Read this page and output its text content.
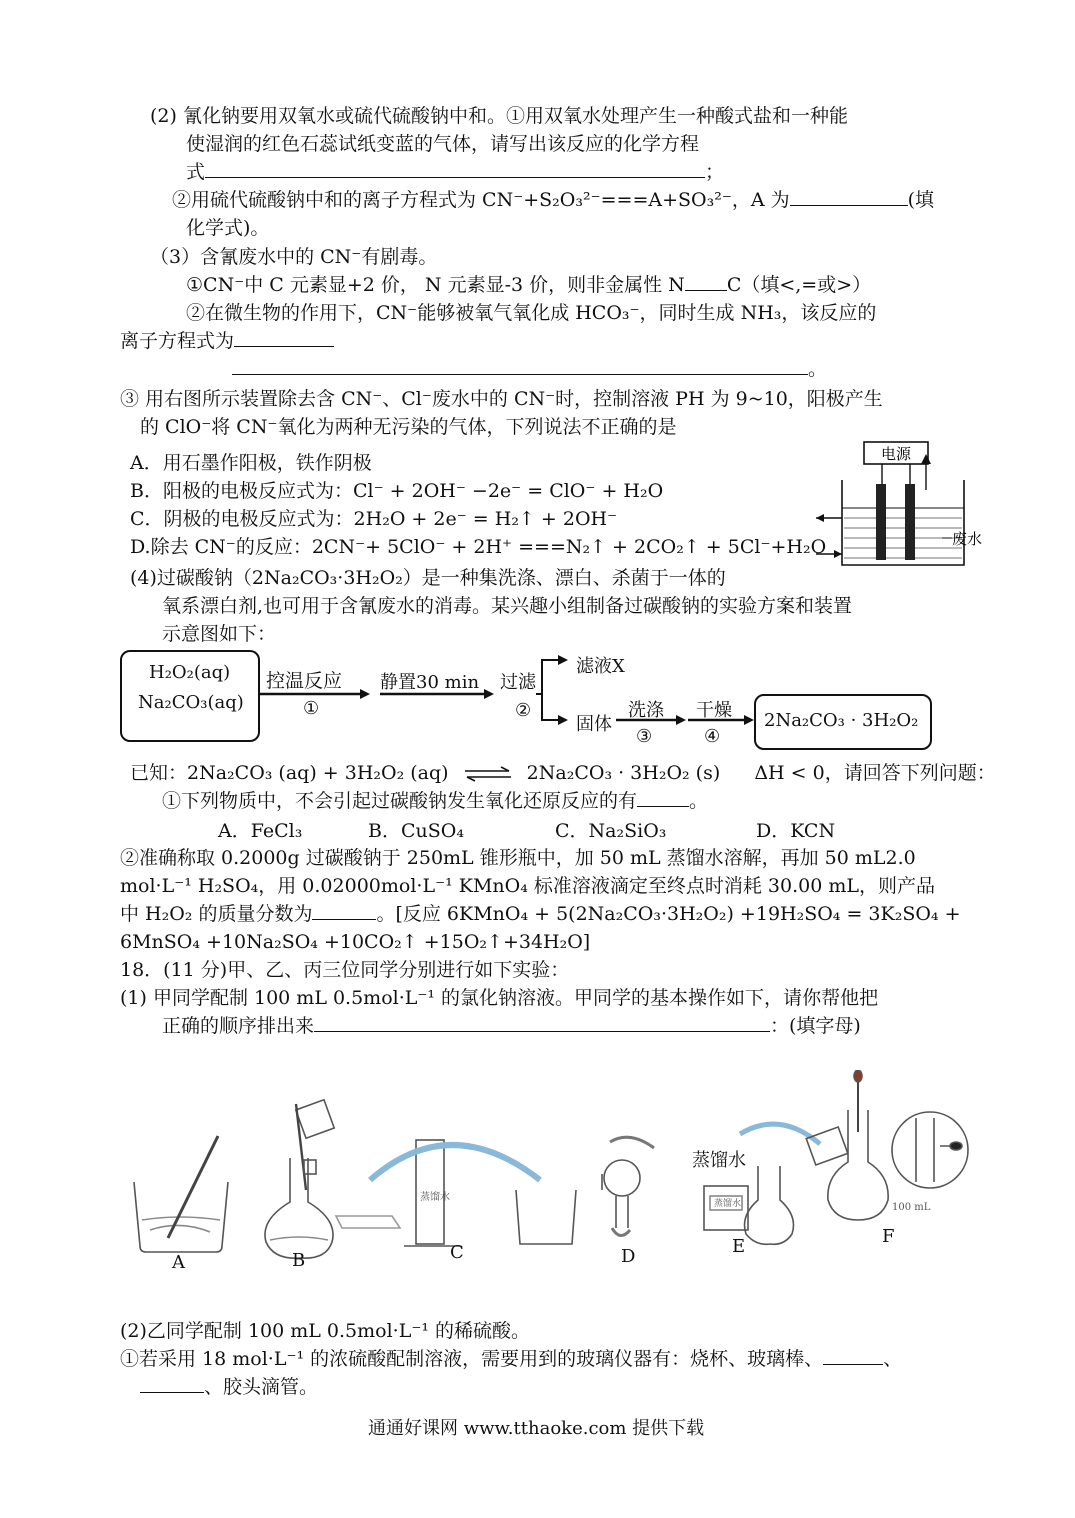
(2) 氰化钠要用双氧水或硫代硫酸钠中和。①用双氧水处理产生一种酸式盐和一种能
使湿润的红色石蕊试纸变蓝的气体，请写出该反应的化学方程
式	；
②用硫代硫酸钠中和的离子方程式为 CN⁻+S₂O₃²⁻===A+SO₃²⁻，A 为	(填
化学式)。
（3）含氰废水中的 CN⁻有剧毒。
①CN⁻中 C 元素显+2 价， N 元素显-3 价，则非金属性 N C（填<,=或>）
②在微生物的作用下，CN⁻能够被氧气氧化成 HCO₃⁻，同时生成 NH₃，该反应的
离子方程式为
。
③ 用右图所示装置除去含 CN⁻、Cl⁻废水中的 CN⁻时，控制溶液 PH 为 9~10，阳极产生
的 ClO⁻将 CN⁻氧化为两种无污染的气体，下列说法不正确的是
A．用石墨作阳极，铁作阴极
B．阳极的电极反应式为：Cl⁻ + 2OH⁻ −2e⁻ = ClO⁻ + H₂O
C．阴极的电极反应式为：2H₂O + 2e⁻ = H₂↑ + 2OH⁻
D.除去 CN⁻的反应：2CN⁻+ 5ClO⁻ + 2H⁺ ===N₂↑ + 2CO₂↑ + 5Cl⁻+H₂O
电源
废水
(4)过碳酸钠（2Na₂CO₃·3H₂O₂）是一种集洗涤、漂白、杀菌于一体的
氧系漂白剂,也可用于含氰废水的消毒。某兴趣小组制备过碳酸钠的实验方案和装置
示意图如下：
H₂O₂(aq)
Na₂CO₃(aq)
控温反应
①
静置30 min 过滤
②
滤液X
固体
洗涤
③
干燥
④
2Na₂CO₃ · 3H₂O₂
已知：2Na₂CO₃ (aq) + 3H₂O₂ (aq) ⇌ 2Na₂CO₃ · 3H₂O₂ (s) ΔH < 0，请回答下列问题：
①下列物质中，不会引起过碳酸钠发生氧化还原反应的有	。
A．FeCl₃	B．CuSO₄	C．Na₂SiO₃	D．KCN
②准确称取 0.2000g 过碳酸钠于 250mL 锥形瓶中，加 50 mL 蒸馏水溶解，再加 50 mL2.0
mol·L⁻¹ H₂SO₄，用 0.02000mol·L⁻¹ KMnO₄ 标准溶液滴定至终点时消耗 30.00 mL，则产品
中 H₂O₂ 的质量分数为	。[反应 6KMnO₄ + 5(2Na₂CO₃·3H₂O₂) +19H₂SO₄ = 3K₂SO₄ +
6MnSO₄ +10Na₂SO₄ +10CO₂↑ +15O₂↑+34H₂O]
18．(11 分)甲、乙、丙三位同学分别进行如下实验：
(1) 甲同学配制 100 mL 0.5mol·L⁻¹ 的氯化钠溶液。甲同学的基本操作如下，请你帮他把
正确的顺序排出来	：(填字母)
蒸馏水
蒸馏水
蒸馏水	100 mL
A	B	C	D	E	F
(2)乙同学配制 100 mL 0.5mol·L⁻¹ 的稀硫酸。
①若采用 18 mol·L⁻¹ 的浓硫酸配制溶液，需要用到的玻璃仪器有：烧杯、玻璃棒、	、
、胶头滴管。
通通好课网 www.tthaoke.com 提供下载
